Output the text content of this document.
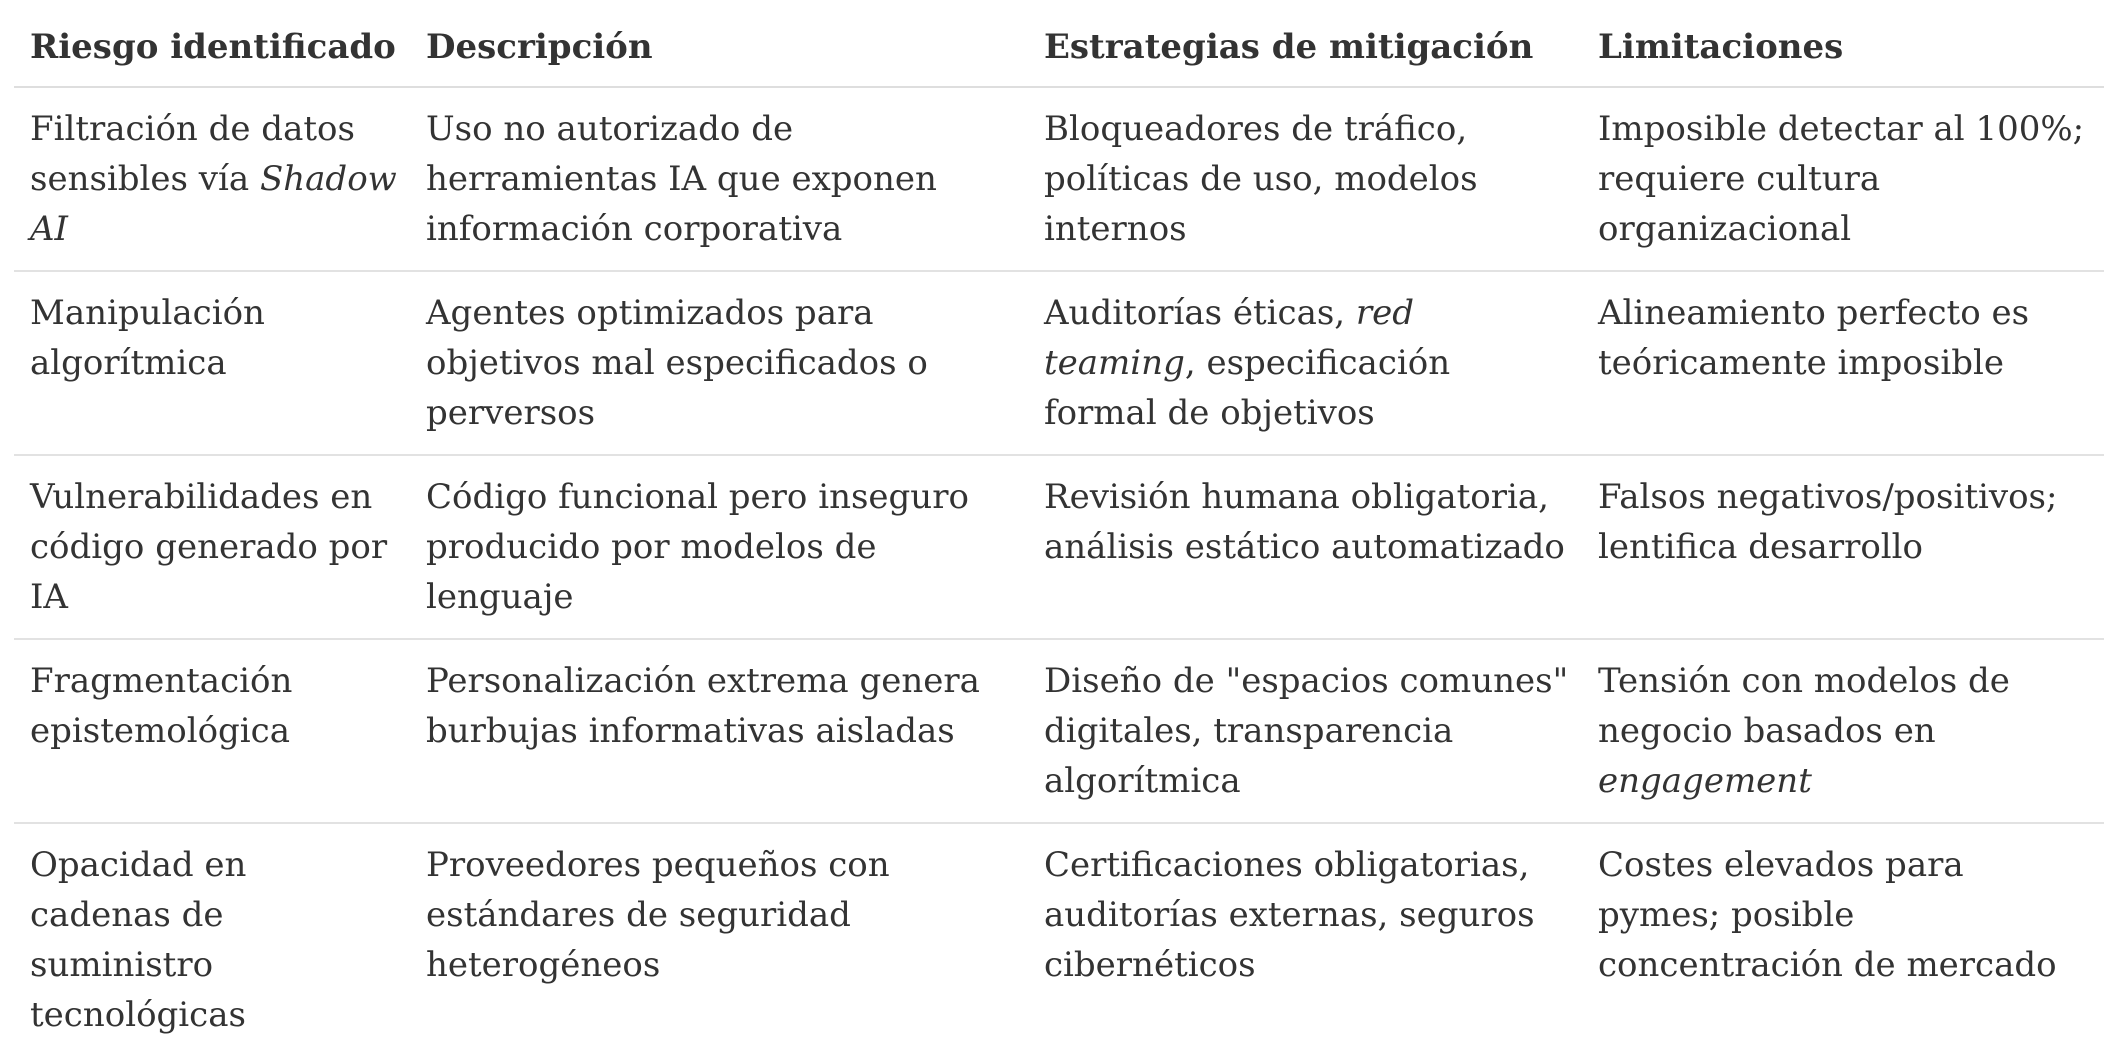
Riesgo identificado	Descripción	Estrategias de mitigación	Limitaciones
Filtración de datos sensibles vía Shadow AI	Uso no autorizado de herramientas IA que exponen información corporativa	Bloqueadores de tráfico, políticas de uso, modelos internos	Imposible detectar al 100%; requiere cultura organizacional
Manipulación algorítmica	Agentes optimizados para objetivos mal especificados o perversos	Auditorías éticas, red teaming, especificación formal de objetivos	Alineamiento perfecto es teóricamente imposible
Vulnerabilidades en código generado por IA	Código funcional pero inseguro producido por modelos de lenguaje	Revisión humana obligatoria, análisis estático automatizado	Falsos negativos/positivos; lentifica desarrollo
Fragmentación epistemológica	Personalización extrema genera burbujas informativas aisladas	Diseño de "espacios comunes" digitales, transparencia algorítmica	Tensión con modelos de negocio basados en engagement
Opacidad en cadenas de suministro tecnológicas	Proveedores pequeños con estándares de seguridad heterogéneos	Certificaciones obligatorias, auditorías externas, seguros cibernéticos	Costes elevados para pymes; posible concentración de mercado
